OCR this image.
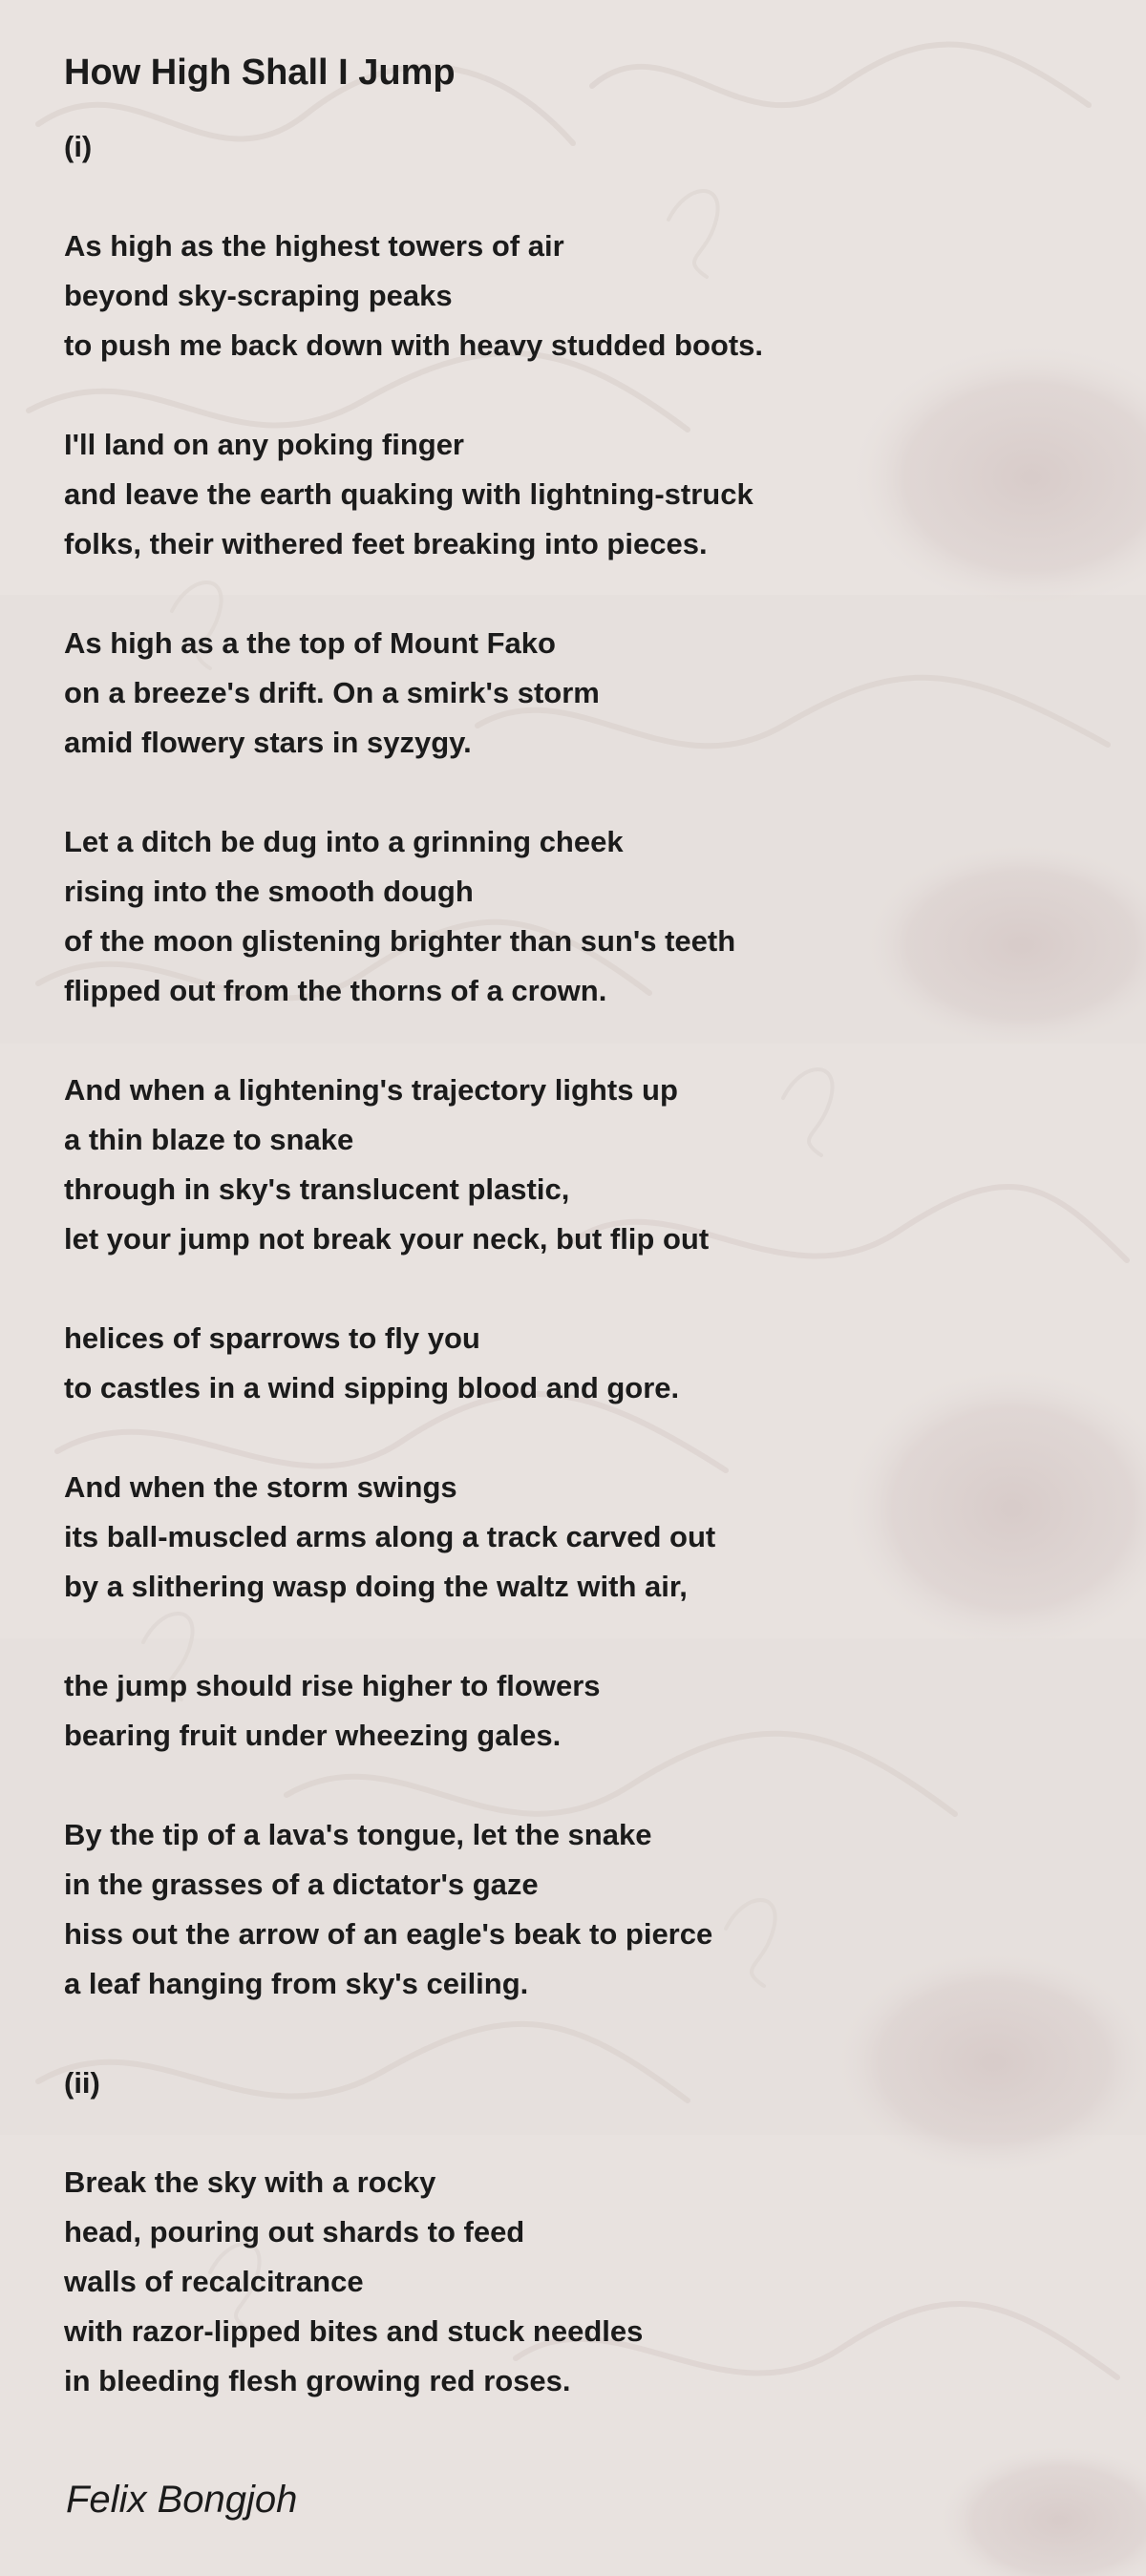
How High Shall I Jump
(i)
As high as the highest towers of air
beyond sky-scraping peaks
to push me back down with heavy studded boots.
I'll land on any poking finger
and leave the earth quaking with lightning-struck
folks, their withered feet breaking into pieces.
As high as a the top of Mount Fako
on a breeze's drift. On a smirk's storm
amid flowery stars in syzygy.
Let a ditch be dug into a grinning cheek
rising into the smooth dough
of the moon glistening brighter than sun's teeth
flipped out from the thorns of a crown.
And when a lightening's trajectory lights up
a thin blaze to snake
through in sky's translucent plastic,
let your jump not break your neck, but flip out
helices of sparrows to fly you
to castles in a wind sipping blood and gore.
And when the storm swings
its ball-muscled arms along a track carved out
by a slithering wasp doing the waltz with air,
the jump should rise higher to flowers
bearing fruit under wheezing gales.
By the tip of a lava's tongue, let the snake
in the grasses of a dictator's gaze
hiss out the arrow of an eagle's beak to pierce
a leaf hanging from sky's ceiling.
(ii)
Break the sky with a rocky
head, pouring out shards to feed
walls of recalcitrance
with razor-lipped bites and stuck needles
in bleeding flesh growing red roses.
Felix Bongjoh
